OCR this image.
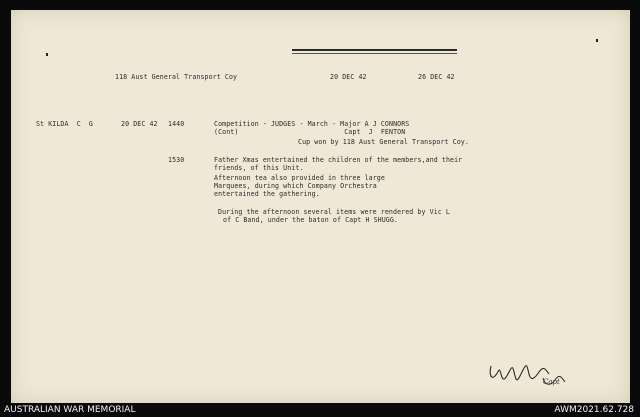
118 Aust General Transport Coy	20 DEC 42	26 DEC 42
St KILDA  C  G	20 DEC 42 1440	Competition - JUDGES - March - Major A J CONNORS
(Cont)                          Capt  J  FENTON
Cup won by 118 Aust General Transport Coy.
1530	Father Xmas entertained the children of the members,and their
friends, of this Unit.
Afternoon tea also provided in three large
Marquees, during which Company Orchestra
entertained the gathering.
During the afternoon several items were rendered by Vic L
of C Band, under the baton of Capt H SHUGG.
Capt
AUSTRALIAN WAR MEMORIAL	AWM2021.62.728
